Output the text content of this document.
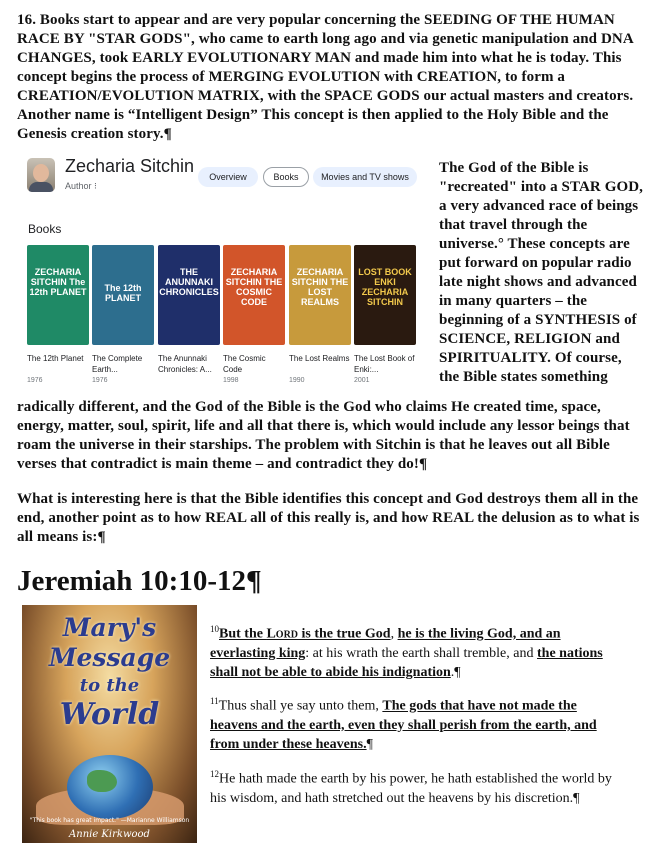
16. Books start to appear and are very popular concerning the SEEDING OF THE HUMAN RACE BY "STAR GODS", who came to earth long ago and via genetic manipulation and DNA CHANGES, took EARLY EVOLUTIONARY MAN and made him into what he is today. This concept begins the process of MERGING EVOLUTION with CREATION, to form a CREATION/EVOLUTION MATRIX, with the SPACE GODS our actual masters and creators. Another name is “Intelligent Design” This concept is then applied to the Holy Bible and the Genesis creation story.¶
Zecharia Sitchin
Author ⁝
Overview	Books	Movies and TV shows
Books
ZECHARIA SITCHIN The 12th PLANET
The 12th Planet
1976
The 12th PLANET
The Complete Earth...
1976
THE ANUNNAKI CHRONICLES
The Anunnaki Chronicles: A...
ZECHARIA SITCHIN THE COSMIC CODE
The Cosmic Code
1998
ZECHARIA SITCHIN THE LOST REALMS
The Lost Realms
1990
LOST BOOK ENKI ZECHARIA SITCHIN
The Lost Book of Enki:...
2001
The God of the Bible is "recreated" into a STAR GOD, a very advanced race of beings that travel through the universe.° These concepts are put forward on popular radio late night shows and advanced in many quarters – the beginning of a SYNTHESIS of SCIENCE, RELIGION and SPIRITUALITY. Of course, the Bible states something
radically different, and the God of the Bible is the God who claims He created time, space, energy, matter, soul, spirit, life and all that there is, which would include any lessor beings that roam the universe in their starships. The problem with Sitchin is that he leaves out all Bible verses that contradict is main theme – and contradict they do!¶
What is interesting here is that the Bible identifies this concept and God destroys them all in the end, another point as to how REAL all of this really is, and how REAL the delusion as to what is all means is:¶
Jeremiah 10:10-12¶
Mary's
Message
to the
World
"This book has great impact." —Marianne Williamson
Annie Kirkwood
$^{10}$But the Lord is the true God, he is the living God, and an everlasting king: at his wrath the earth shall tremble, and the nations shall not be able to abide his indignation.¶
$^{11}$Thus shall ye say unto them, The gods that have not made the heavens and the earth, even they shall perish from the earth, and from under these heavens.¶
$^{12}$He hath made the earth by his power, he hath established the world by his wisdom, and hath stretched out the heavens by his discretion.¶
